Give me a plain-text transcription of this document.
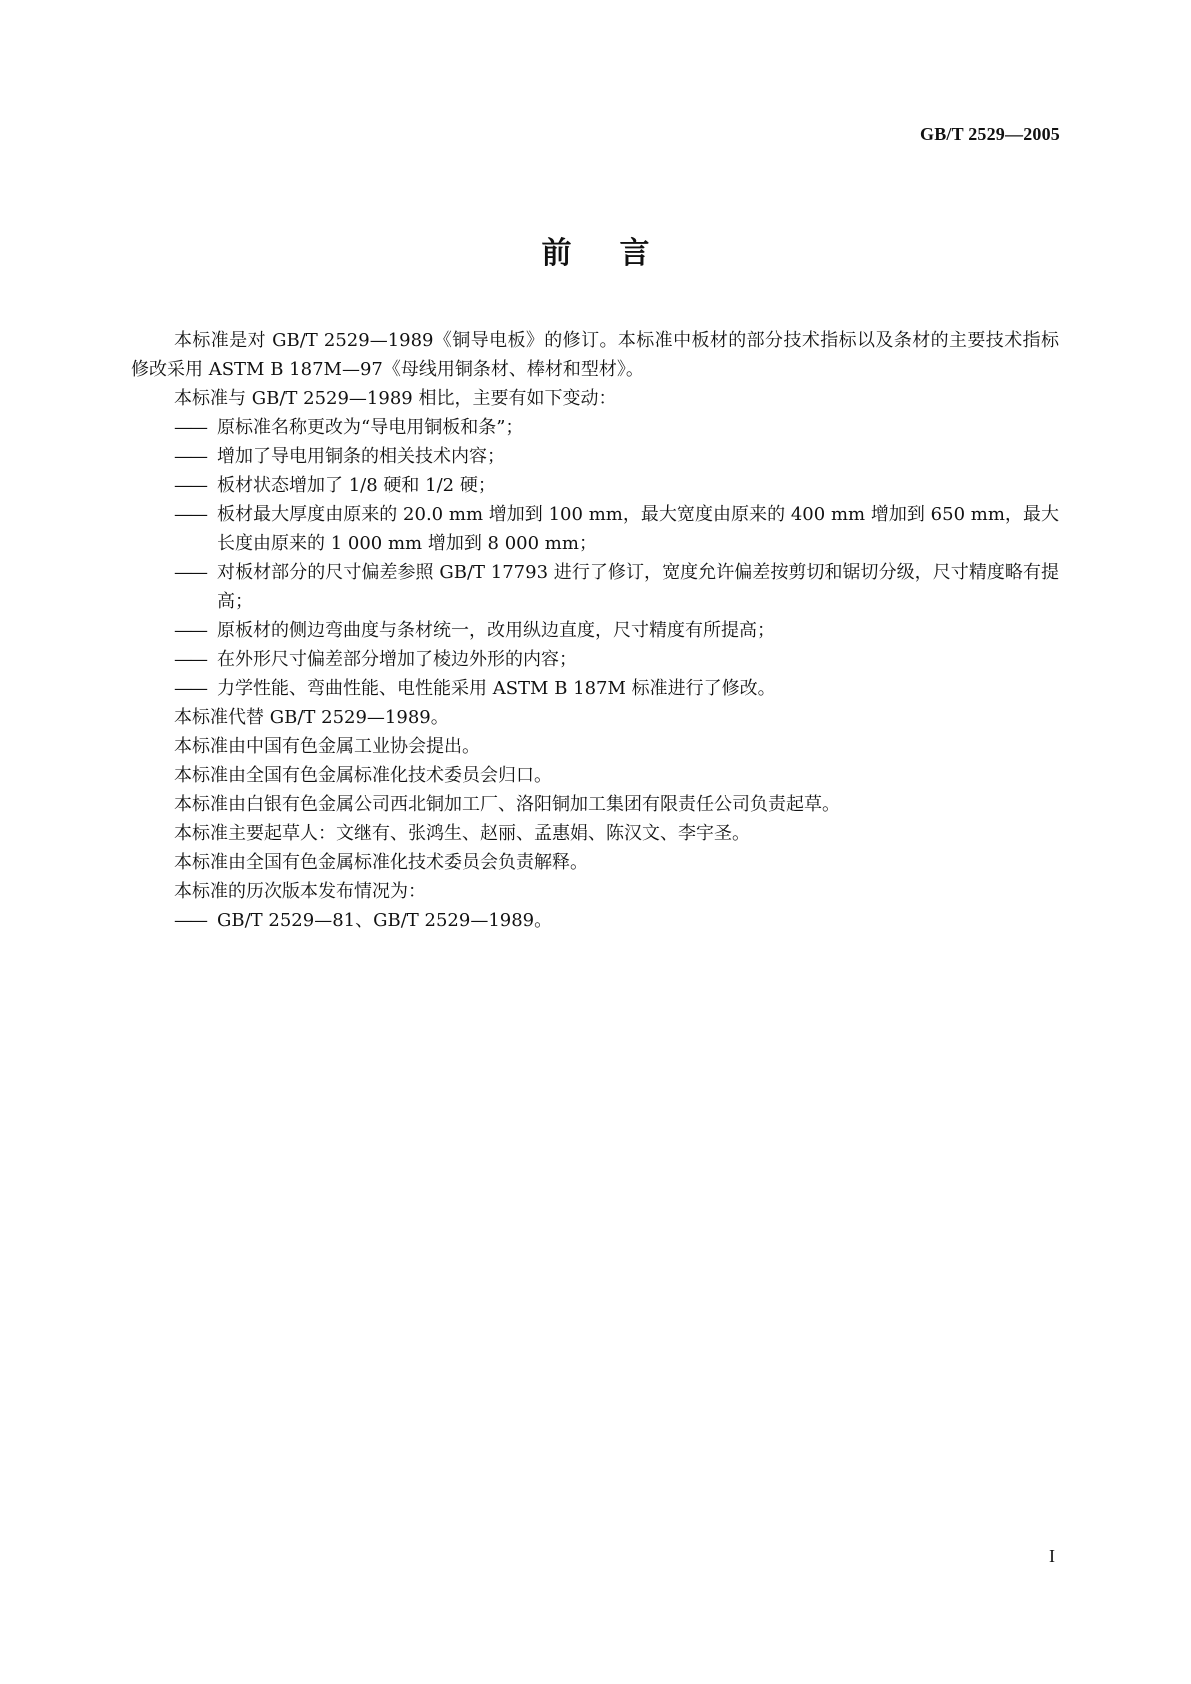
GB/T 2529—2005
前言

本标准是对 GB/T 2529—1989《铜导电板》的修订。本标准中板材的部分技术指标以及条材的主要技术指标修改采用 ASTM B 187M—97《母线用铜条材、棒材和型材》。

本标准与 GB/T 2529—1989 相比，主要有如下变动：

—— 原标准名称更改为“导电用铜板和条”；

—— 增加了导电用铜条的相关技术内容；

—— 板材状态增加了 1/8 硬和 1/2 硬；

—— 板材最大厚度由原来的 20.0 mm 增加到 100 mm，最大宽度由原来的 400 mm 增加到 650 mm，最大长度由原来的 1 000 mm 增加到 8 000 mm；

—— 对板材部分的尺寸偏差参照 GB/T 17793 进行了修订，宽度允许偏差按剪切和锯切分级，尺寸精度略有提高；

—— 原板材的侧边弯曲度与条材统一，改用纵边直度，尺寸精度有所提高；

—— 在外形尺寸偏差部分增加了棱边外形的内容；

—— 力学性能、弯曲性能、电性能采用 ASTM B 187M 标准进行了修改。

本标准代替 GB/T 2529—1989。

本标准由中国有色金属工业协会提出。

本标准由全国有色金属标准化技术委员会归口。

本标准由白银有色金属公司西北铜加工厂、洛阳铜加工集团有限责任公司负责起草。

本标准主要起草人：文继有、张鸿生、赵丽、孟惠娟、陈汉文、李宇圣。

本标准由全国有色金属标准化技术委员会负责解释。

本标准的历次版本发布情况为：

—— GB/T 2529—81、GB/T 2529—1989。

I
